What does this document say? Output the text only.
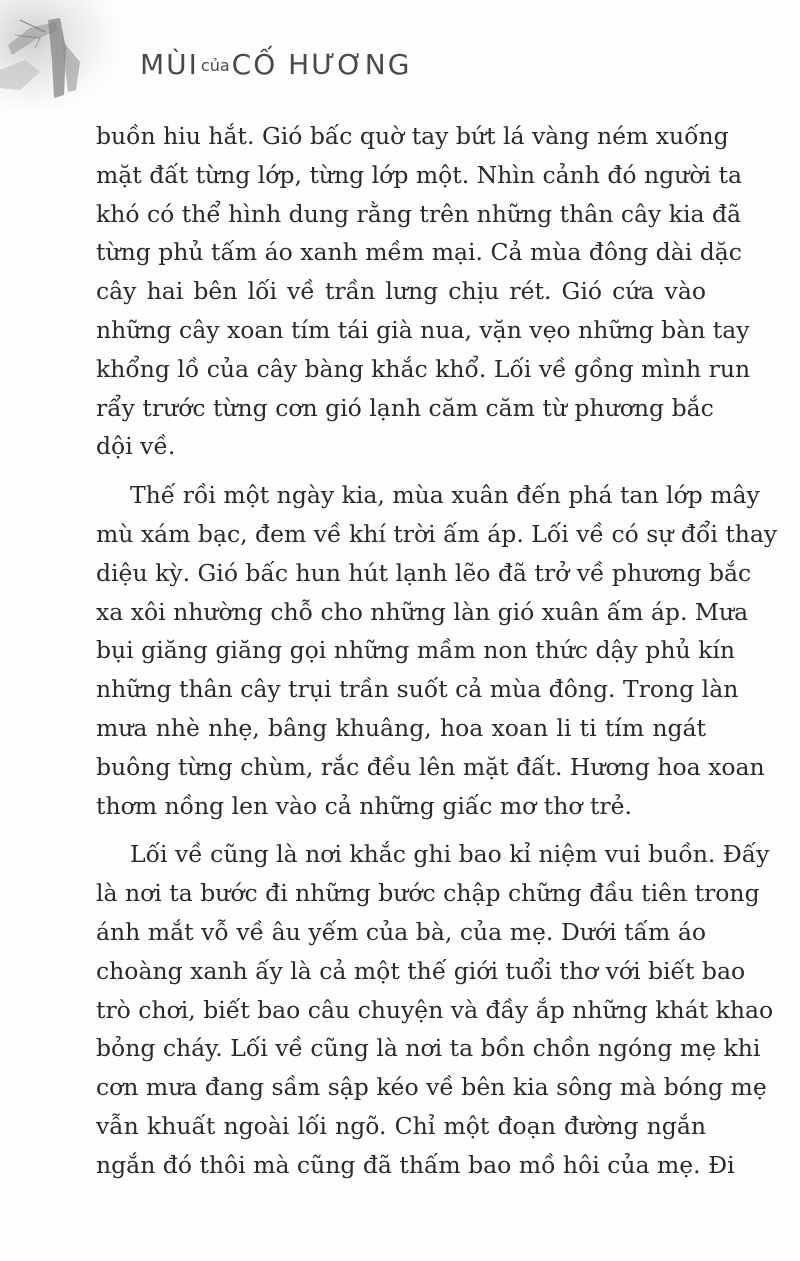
MÙI củaCỐ HƯƠNG
buồn hiu hắt. Gió bấc quờ tay bứt lá vàng ném xuống
mặt đất từng lớp, từng lớp một. Nhìn cảnh đó người ta
khó có thể hình dung rằng trên những thân cây kia đã
từng phủ tấm áo xanh mềm mại. Cả mùa đông dài dặc
cây hai bên lối về trần lưng chịu rét. Gió cứa vào
những cây xoan tím tái già nua, vặn vẹo những bàn tay
khổng lồ của cây bàng khắc khổ. Lối về gồng mình run
rẩy trước từng cơn gió lạnh căm căm từ phương bắc
dội về.
Thế rồi một ngày kia, mùa xuân đến phá tan lớp mây
mù xám bạc, đem về khí trời ấm áp. Lối về có sự đổi thay
diệu kỳ. Gió bấc hun hút lạnh lẽo đã trở về phương bắc
xa xôi nhường chỗ cho những làn gió xuân ấm áp. Mưa
bụi giăng giăng gọi những mầm non thức dậy phủ kín
những thân cây trụi trần suốt cả mùa đông. Trong làn
mưa nhè nhẹ, bâng khuâng, hoa xoan li ti tím ngát
buông từng chùm, rắc đều lên mặt đất. Hương hoa xoan
thơm nồng len vào cả những giấc mơ thơ trẻ.
Lối về cũng là nơi khắc ghi bao kỉ niệm vui buồn. Đấy
là nơi ta bước đi những bước chập chững đầu tiên trong
ánh mắt vỗ về âu yếm của bà, của mẹ. Dưới tấm áo
choàng xanh ấy là cả một thế giới tuổi thơ với biết bao
trò chơi, biết bao câu chuyện và đầy ắp những khát khao
bỏng cháy. Lối về cũng là nơi ta bồn chồn ngóng mẹ khi
cơn mưa đang sầm sập kéo về bên kia sông mà bóng mẹ
vẫn khuất ngoài lối ngõ. Chỉ một đoạn đường ngắn
ngắn đó thôi mà cũng đã thấm bao mồ hôi của mẹ. Đi
